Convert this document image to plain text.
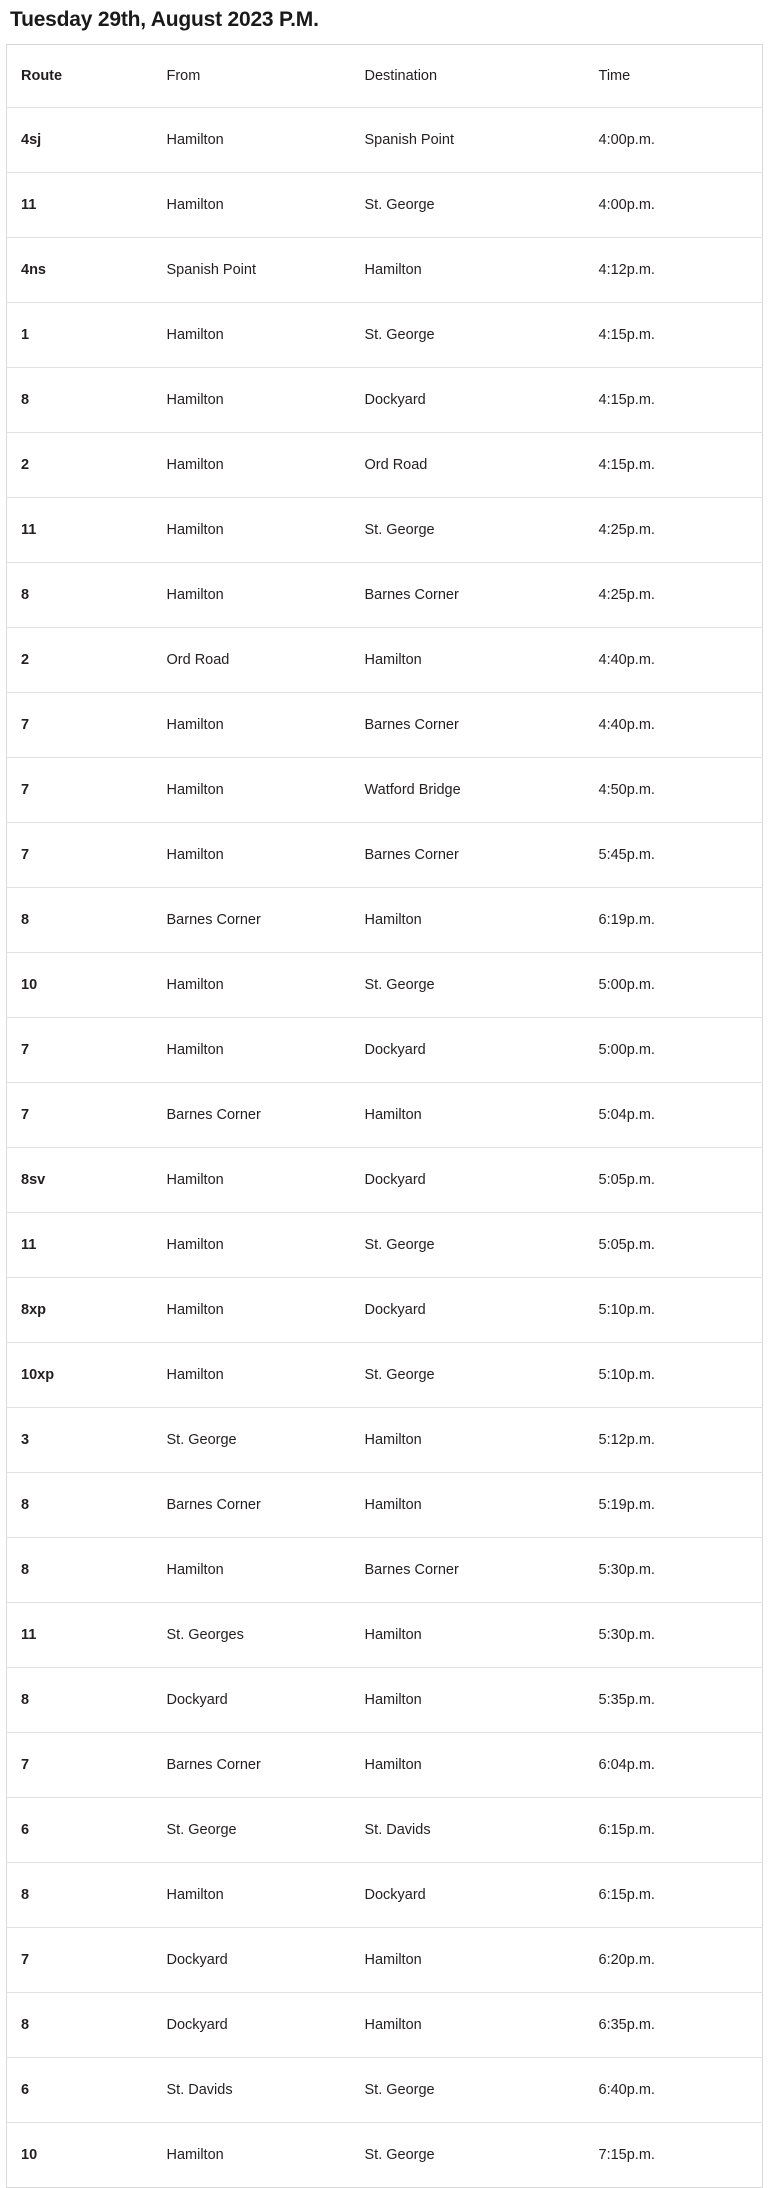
Tuesday 29th, August 2023 P.M.
Route	From	Destination	Time
4sj	Hamilton	Spanish Point	4:00p.m.
11	Hamilton	St. George	4:00p.m.
4ns	Spanish Point	Hamilton	4:12p.m.
1	Hamilton	St. George	4:15p.m.
8	Hamilton	Dockyard	4:15p.m.
2	Hamilton	Ord Road	4:15p.m.
11	Hamilton	St. George	4:25p.m.
8	Hamilton	Barnes Corner	4:25p.m.
2	Ord Road	Hamilton	4:40p.m.
7	Hamilton	Barnes Corner	4:40p.m.
7	Hamilton	Watford Bridge	4:50p.m.
7	Hamilton	Barnes Corner	5:45p.m.
8	Barnes Corner	Hamilton	6:19p.m.
10	Hamilton	St. George	5:00p.m.
7	Hamilton	Dockyard	5:00p.m.
7	Barnes Corner	Hamilton	5:04p.m.
8sv	Hamilton	Dockyard	5:05p.m.
11	Hamilton	St. George	5:05p.m.
8xp	Hamilton	Dockyard	5:10p.m.
10xp	Hamilton	St. George	5:10p.m.
3	St. George	Hamilton	5:12p.m.
8	Barnes Corner	Hamilton	5:19p.m.
8	Hamilton	Barnes Corner	5:30p.m.
11	St. Georges	Hamilton	5:30p.m.
8	Dockyard	Hamilton	5:35p.m.
7	Barnes Corner	Hamilton	6:04p.m.
6	St. George	St. Davids	6:15p.m.
8	Hamilton	Dockyard	6:15p.m.
7	Dockyard	Hamilton	6:20p.m.
8	Dockyard	Hamilton	6:35p.m.
6	St. Davids	St. George	6:40p.m.
10	Hamilton	St. George	7:15p.m.
